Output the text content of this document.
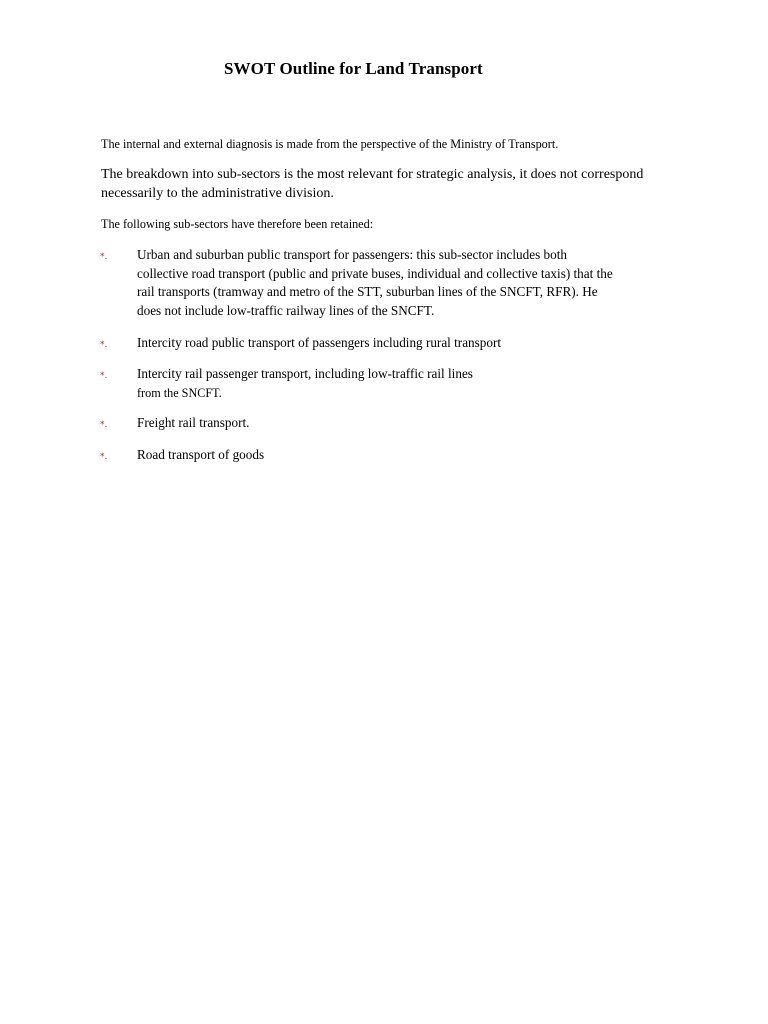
SWOT Outline for Land Transport

The internal and external diagnosis is made from the perspective of the Ministry of Transport.

The breakdown into sub-sectors is the most relevant for strategic analysis, it does not correspond necessarily to the administrative division.

The following sub-sectors have therefore been retained:

*. Urban and suburban public transport for passengers: this sub-sector includes both
collective road transport (public and private buses, individual and collective taxis) that the
rail transports (tramway and metro of the STT, suburban lines of the SNCFT, RFR). He
does not include low-traffic railway lines of the SNCFT.
*. Intercity road public transport of passengers including rural transport
*. Intercity rail passenger transport, including low-traffic rail lines
from the SNCFT.
*. Freight rail transport.
*. Road transport of goods
